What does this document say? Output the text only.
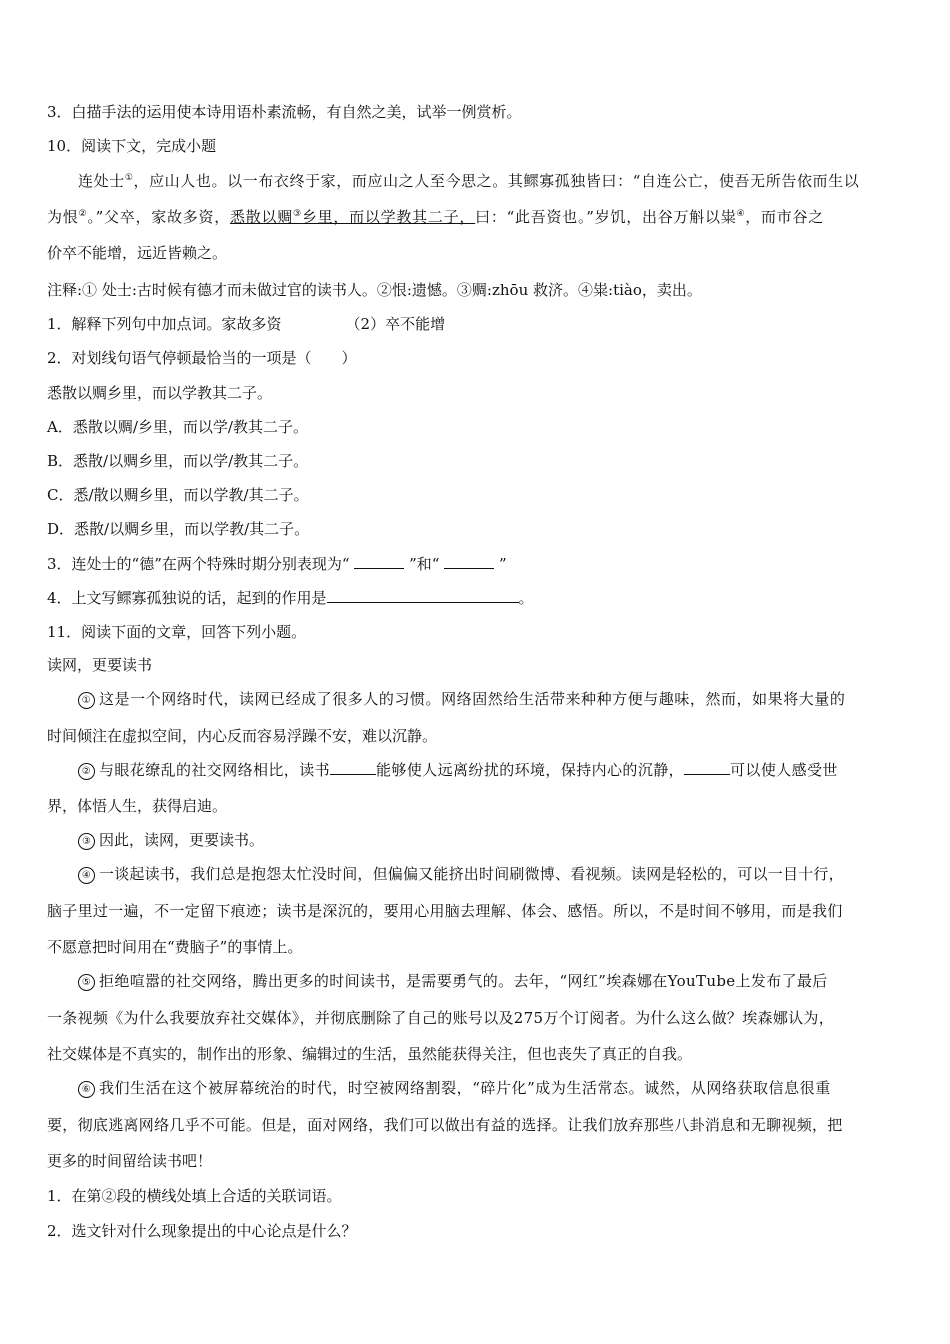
3．白描手法的运用使本诗用语朴素流畅，有自然之美，试举一例赏析。
10．阅读下文，完成小题
连处士①，应山人也。以一布衣终于家，而应山之人至今思之。其鳏寡孤独皆曰：“自连公亡，使吾无所告依而生以
为恨②。”父卒，家故多资，悉散以赒③乡里，而以学教其二子，曰：“此吾资也。”岁饥，出谷万斛以粜④，而市谷之
价卒不能增，远近皆赖之。
注释:① 处士:古时候有德才而未做过官的读书人。②恨:遗憾。③赒:zhōu 救济。④粜:tiào，卖出。
1．解释下列句中加点词。家故多资	（2）卒不能增
2．对划线句语气停顿最恰当的一项是（　　）
悉散以赒乡里，而以学教其二子。
A．悉散以赒/乡里，而以学/教其二子。
B．悉散/以赒乡里，而以学/教其二子。
C．悉/散以赒乡里，而以学教/其二子。
D．悉散/以赒乡里，而以学教/其二子。
3．连处士的“德”在两个特殊时期分别表现为“	”和“	”
4．上文写鳏寡孤独说的话，起到的作用是	。
11．阅读下面的文章，回答下列小题。
读网，更要读书
① 这是一个网络时代，读网已经成了很多人的习惯。网络固然给生活带来种种方便与趣味，然而，如果将大量的
时间倾注在虚拟空间，内心反而容易浮躁不安，难以沉静。
② 与眼花缭乱的社交网络相比，读书	能够使人远离纷扰的环境，保持内心的沉静，	可以使人感受世
界，体悟人生，获得启迪。
③ 因此，读网，更要读书。
④ 一谈起读书，我们总是抱怨太忙没时间，但偏偏又能挤出时间刷微博、看视频。读网是轻松的，可以一目十行，
脑子里过一遍，不一定留下痕迹；读书是深沉的，要用心用脑去理解、体会、感悟。所以，不是时间不够用，而是我们
不愿意把时间用在“费脑子”的事情上。
⑤ 拒绝喧嚣的社交网络，腾出更多的时间读书，是需要勇气的。去年，“网红”埃森娜在YouTube上发布了最后
一条视频《为什么我要放弃社交媒体》，并彻底删除了自己的账号以及275万个订阅者。为什么这么做？埃森娜认为，
社交媒体是不真实的，制作出的形象、编辑过的生活，虽然能获得关注，但也丧失了真正的自我。
⑥ 我们生活在这个被屏幕统治的时代，时空被网络割裂，“碎片化”成为生活常态。诚然，从网络获取信息很重
要，彻底逃离网络几乎不可能。但是，面对网络，我们可以做出有益的选择。让我们放弃那些八卦消息和无聊视频，把
更多的时间留给读书吧！
1．在第②段的横线处填上合适的关联词语。
2．选文针对什么现象提出的中心论点是什么？
